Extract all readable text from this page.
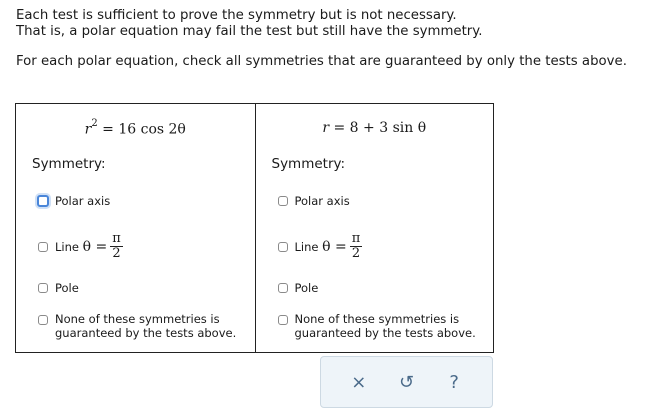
Each test is sufficient to prove the symmetry but is not necessary.

That is, a polar equation may fail the test but still have the symmetry.

For each polar equation, check all symmetries that are guaranteed by only the tests above.

$r^2 = 16$ cos 2θ
Symmetry:
Polar axis
Line
$\theta = \frac{\pi}{2}$
Pole
None of these symmetries is
guaranteed by the tests above.
r = 8 + 3 sin θ
Symmetry:
Polar axis
Line
$\theta = \frac{\pi}{2}$
Pole
None of these symmetries is
guaranteed by the tests above.
×	↺	?
